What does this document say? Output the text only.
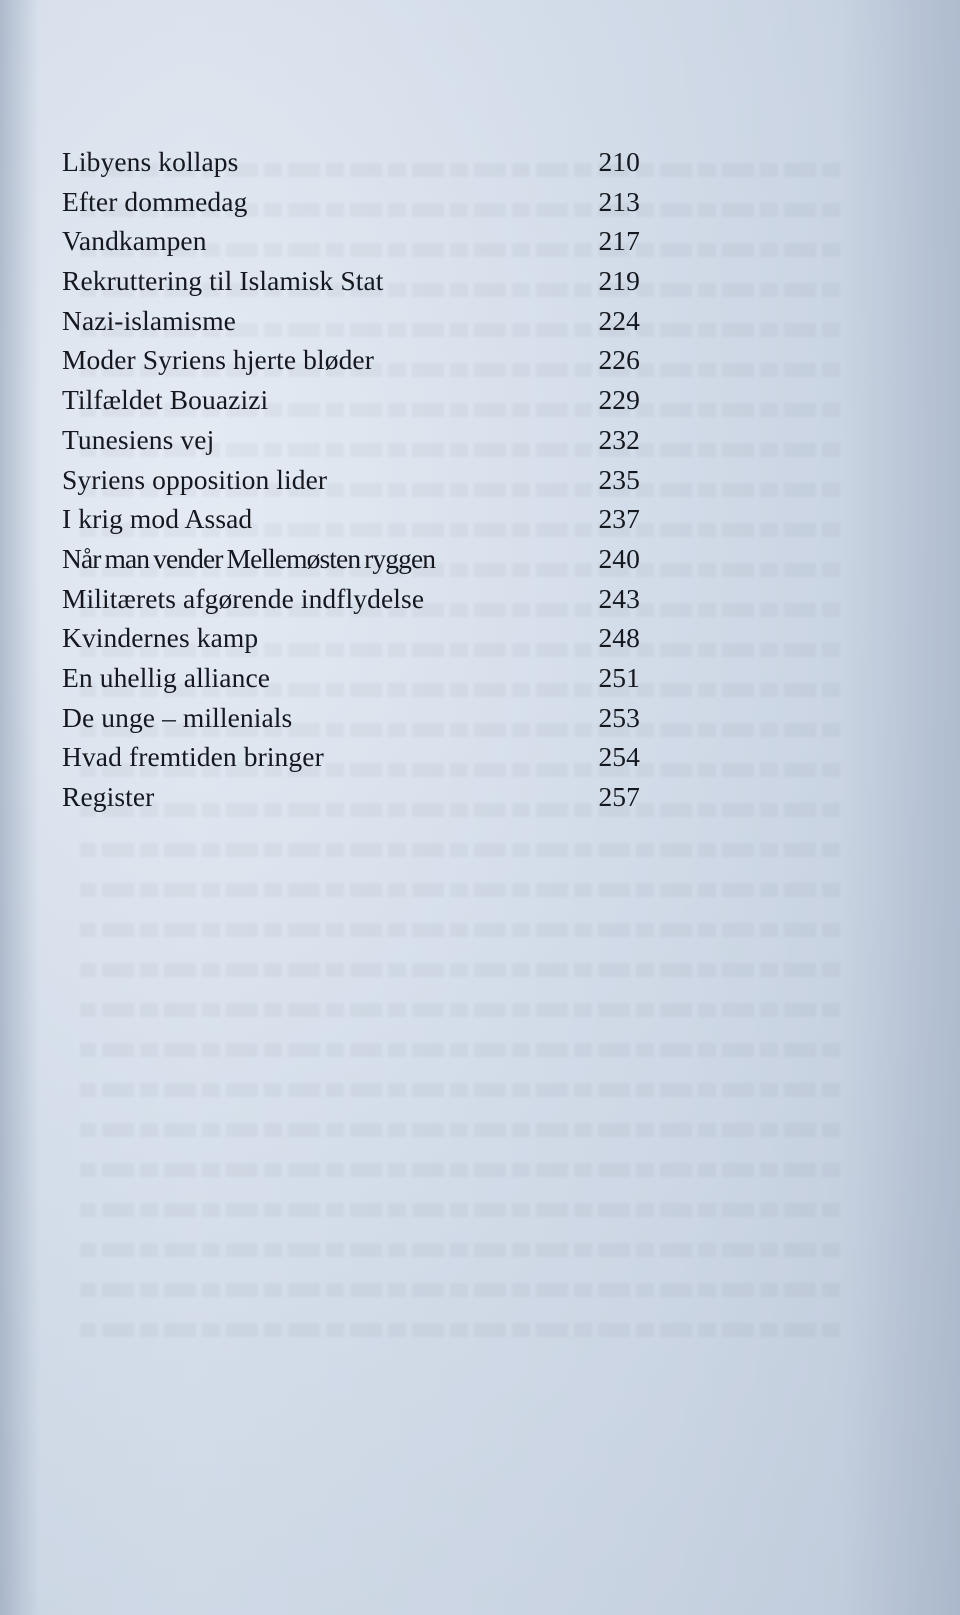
Libyens kollaps	210
Efter dommedag	213
Vandkampen	217
Rekruttering til Islamisk Stat	219
Nazi-islamisme	224
Moder Syriens hjerte bløder	226
Tilfældet Bouazizi	229
Tunesiens vej	232
Syriens opposition lider	235
I krig mod Assad	237
Når man vender Mellemøsten ryggen	240
Militærets afgørende indflydelse	243
Kvindernes kamp	248
En uhellig alliance	251
De unge – millenials	253
Hvad fremtiden bringer	254
Register	257
